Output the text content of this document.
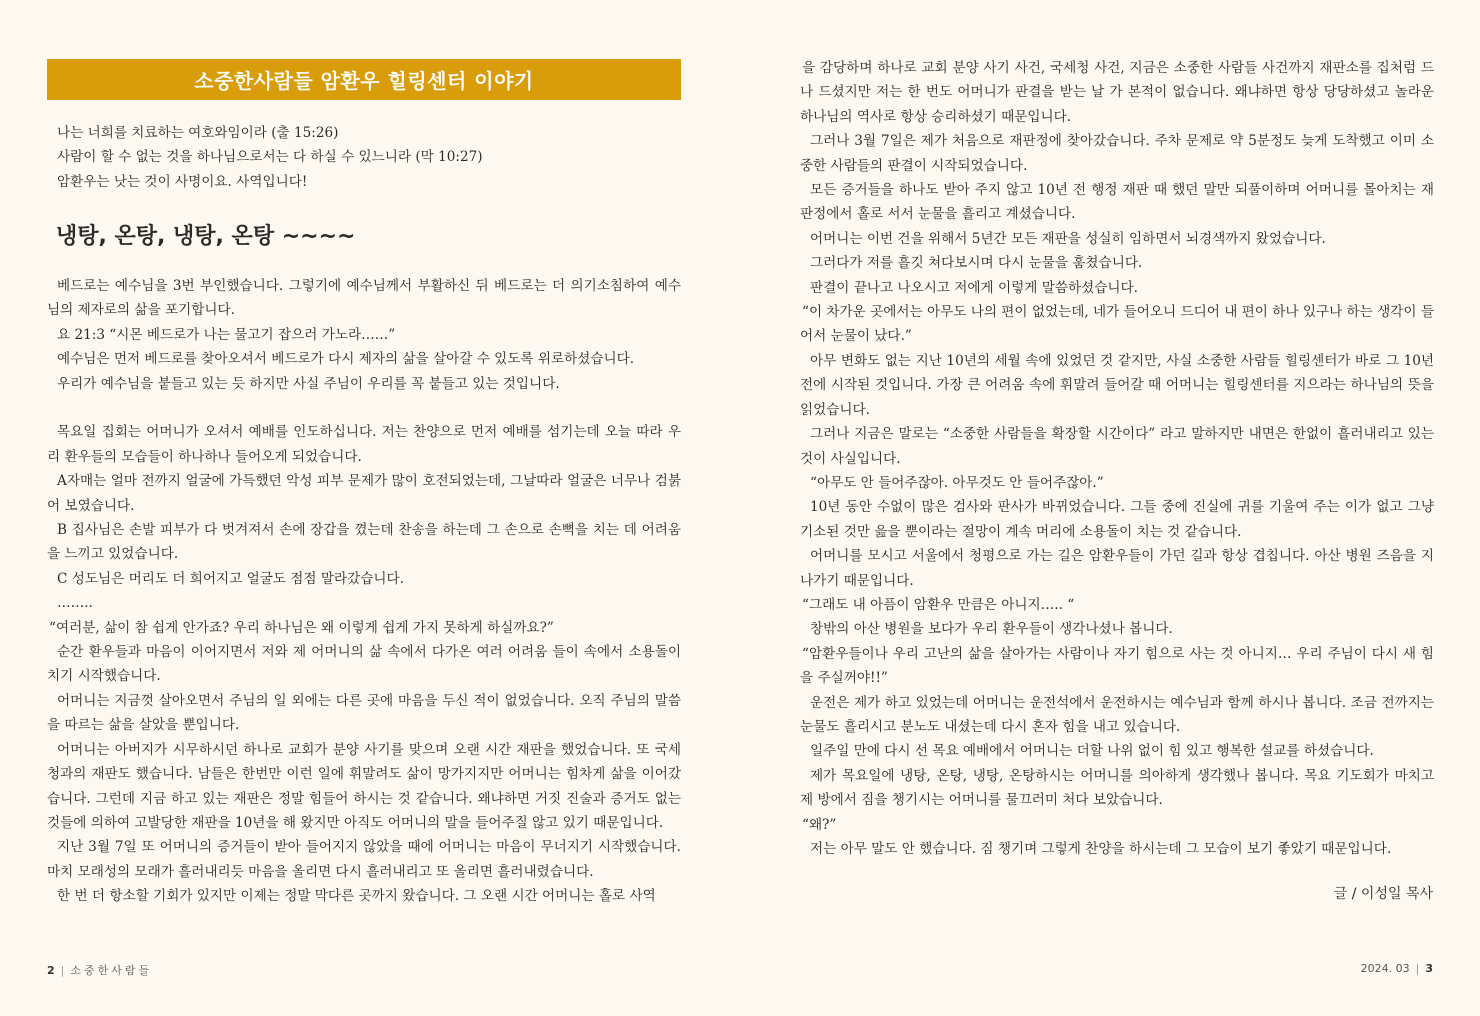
소중한사람들 암환우 힐링센터 이야기
나는 너희를 치료하는 여호와임이라 (출 15:26)
사람이 할 수 없는 것을 하나님으로서는 다 하실 수 있느니라 (막 10:27)
암환우는 낫는 것이 사명이요. 사역입니다!
냉탕, 온탕, 냉탕, 온탕 ~~~~

베드로는 예수님을 3번 부인했습니다. 그렇기에 예수님께서 부활하신 뒤 베드로는 더 의기소침하여 예수님의 제자로의 삶을 포기합니다.

요 21:3 “시몬 베드로가 나는 물고기 잡으러 가노라……”

예수님은 먼저 베드로를 찾아오셔서 베드로가 다시 제자의 삶을 살아갈 수 있도록 위로하셨습니다.

우리가 예수님을 붙들고 있는 듯 하지만 사실 주님이 우리를 꼭 붙들고 있는 것입니다.

목요일 집회는 어머니가 오셔서 예배를 인도하십니다. 저는 찬양으로 먼저 예배를 섬기는데 오늘 따라 우리 환우들의 모습들이 하나하나 들어오게 되었습니다.

A자매는 얼마 전까지 얼굴에 가득했던 악성 피부 문제가 많이 호전되었는데, 그날따라 얼굴은 너무나 검붉어 보였습니다.

B 집사님은 손발 피부가 다 벗겨져서 손에 장갑을 꼈는데 찬송을 하는데 그 손으로 손뼉을 치는 데 어려움을 느끼고 있었습니다.

C 성도님은 머리도 더 희어지고 얼굴도 점점 말라갔습니다.

……..

“여러분, 삶이 참 쉽게 안가죠? 우리 하나님은 왜 이렇게 쉽게 가지 못하게 하실까요?”

순간 환우들과 마음이 이어지면서 저와 제 어머니의 삶 속에서 다가온 여러 어려움 들이 속에서 소용돌이 치기 시작했습니다.

어머니는 지금껏 살아오면서 주님의 일 외에는 다른 곳에 마음을 두신 적이 없었습니다. 오직 주님의 말씀을 따르는 삶을 살았을 뿐입니다.

어머니는 아버지가 시무하시던 하나로 교회가 분양 사기를 맞으며 오랜 시간 재판을 했었습니다. 또 국세청과의 재판도 했습니다. 남들은 한번만 이런 일에 휘말려도 삶이 망가지지만 어머니는 힘차게 삶을 이어갔습니다. 그런데 지금 하고 있는 재판은 정말 힘들어 하시는 것 같습니다. 왜냐하면 거짓 진술과 증거도 없는 것들에 의하여 고발당한 재판을 10년을 해 왔지만 아직도 어머니의 말을 들어주질 않고 있기 때문입니다.

지난 3월 7일 또 어머니의 증거들이 받아 들어지지 않았을 때에 어머니는 마음이 무너지기 시작했습니다. 마치 모래성의 모래가 흘러내리듯 마음을 올리면 다시 흘러내리고 또 올리면 흘러내렸습니다.

한 번 더 항소할 기회가 있지만 이제는 정말 막다른 곳까지 왔습니다. 그 오랜 시간 어머니는 홀로 사역

2 | 소중한사람들

을 감당하며 하나로 교회 분양 사기 사건, 국세청 사건, 지금은 소중한 사람들 사건까지 재판소를 집처럼 드나 드셨지만 저는 한 번도 어머니가 판결을 받는 날 가 본적이 없습니다. 왜냐하면 항상 당당하셨고 놀라운 하나님의 역사로 항상 승리하셨기 때문입니다.

그러나 3월 7일은 제가 처음으로 재판정에 찾아갔습니다. 주차 문제로 약 5분정도 늦게 도착했고 이미 소중한 사람들의 판결이 시작되었습니다.

모든 증거들을 하나도 받아 주지 않고 10년 전 행정 재판 때 했던 말만 되풀이하며 어머니를 몰아치는 재판정에서 홀로 서서 눈물을 흘리고 계셨습니다.

어머니는 이번 건을 위해서 5년간 모든 재판을 성실히 임하면서 뇌경색까지 왔었습니다.

그러다가 저를 흘깃 쳐다보시며 다시 눈물을 훔쳤습니다.

판결이 끝나고 나오시고 저에게 이렇게 말씀하셨습니다.

“이 차가운 곳에서는 아무도 나의 편이 없었는데, 네가 들어오니 드디어 내 편이 하나 있구나 하는 생각이 들어서 눈물이 났다.”

아무 변화도 없는 지난 10년의 세월 속에 있었던 것 같지만, 사실 소중한 사람들 힐링센터가 바로 그 10년 전에 시작된 것입니다. 가장 큰 어려움 속에 휘말려 들어갈 때 어머니는 힐링센터를 지으라는 하나님의 뜻을 읽었습니다.

그러나 지금은 말로는 “소중한 사람들을 확장할 시간이다” 라고 말하지만 내면은 한없이 흘러내리고 있는 것이 사실입니다.

“아무도 안 들어주잖아. 아무것도 안 들어주잖아.”

10년 동안 수없이 많은 검사와 판사가 바뀌었습니다. 그들 중에 진실에 귀를 기울여 주는 이가 없고 그냥 기소된 것만 읊을 뿐이라는 절망이 계속 머리에 소용돌이 치는 것 같습니다.

어머니를 모시고 서울에서 청평으로 가는 길은 암환우들이 가던 길과 항상 겹칩니다. 아산 병원 즈음을 지나가기 때문입니다.

“그래도 내 아픔이 암환우 만큼은 아니지….. “

창밖의 아산 병원을 보다가 우리 환우들이 생각나셨나 봅니다.

“암환우들이나 우리 고난의 삶을 살아가는 사람이나 자기 힘으로 사는 것 아니지… 우리 주님이 다시 새 힘을 주실꺼야!!”

운전은 제가 하고 있었는데 어머니는 운전석에서 운전하시는 예수님과 함께 하시나 봅니다. 조금 전까지는 눈물도 흘리시고 분노도 내셨는데 다시 혼자 힘을 내고 있습니다.

일주일 만에 다시 선 목요 예배에서 어머니는 더할 나위 없이 힘 있고 행복한 설교를 하셨습니다.

제가 목요일에 냉탕, 온탕, 냉탕, 온탕하시는 어머니를 의아하게 생각했나 봅니다. 목요 기도회가 마치고 제 방에서 짐을 챙기시는 어머니를 물끄러미 처다 보았습니다.

“왜?”

저는 아무 말도 안 했습니다. 짐 챙기며 그렇게 찬양을 하시는데 그 모습이 보기 좋았기 때문입니다.

글 / 이성일 목사
2024. 03 | 3
